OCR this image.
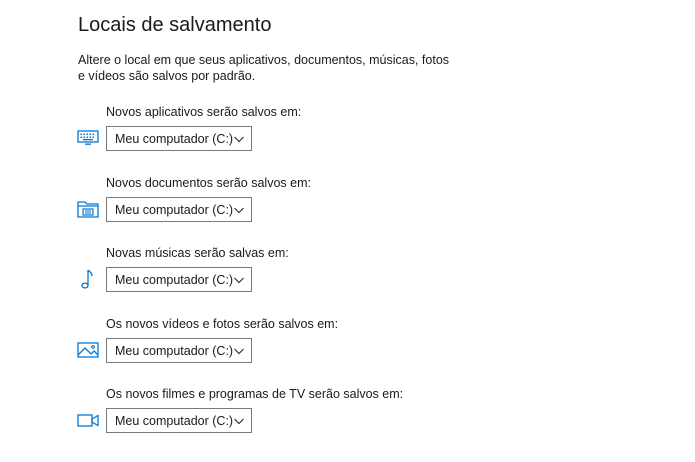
Locais de salvamento
Altere o local em que seus aplicativos, documentos, músicas, fotos e vídeos são salvos por padrão.
Novos aplicativos serão salvos em:
Meu computador (C:)
Novos documentos serão salvos em:
Meu computador (C:)
Novas músicas serão salvas em:
Meu computador (C:)
Os novos vídeos e fotos serão salvos em:
Meu computador (C:)
Os novos filmes e programas de TV serão salvos em:
Meu computador (C:)
